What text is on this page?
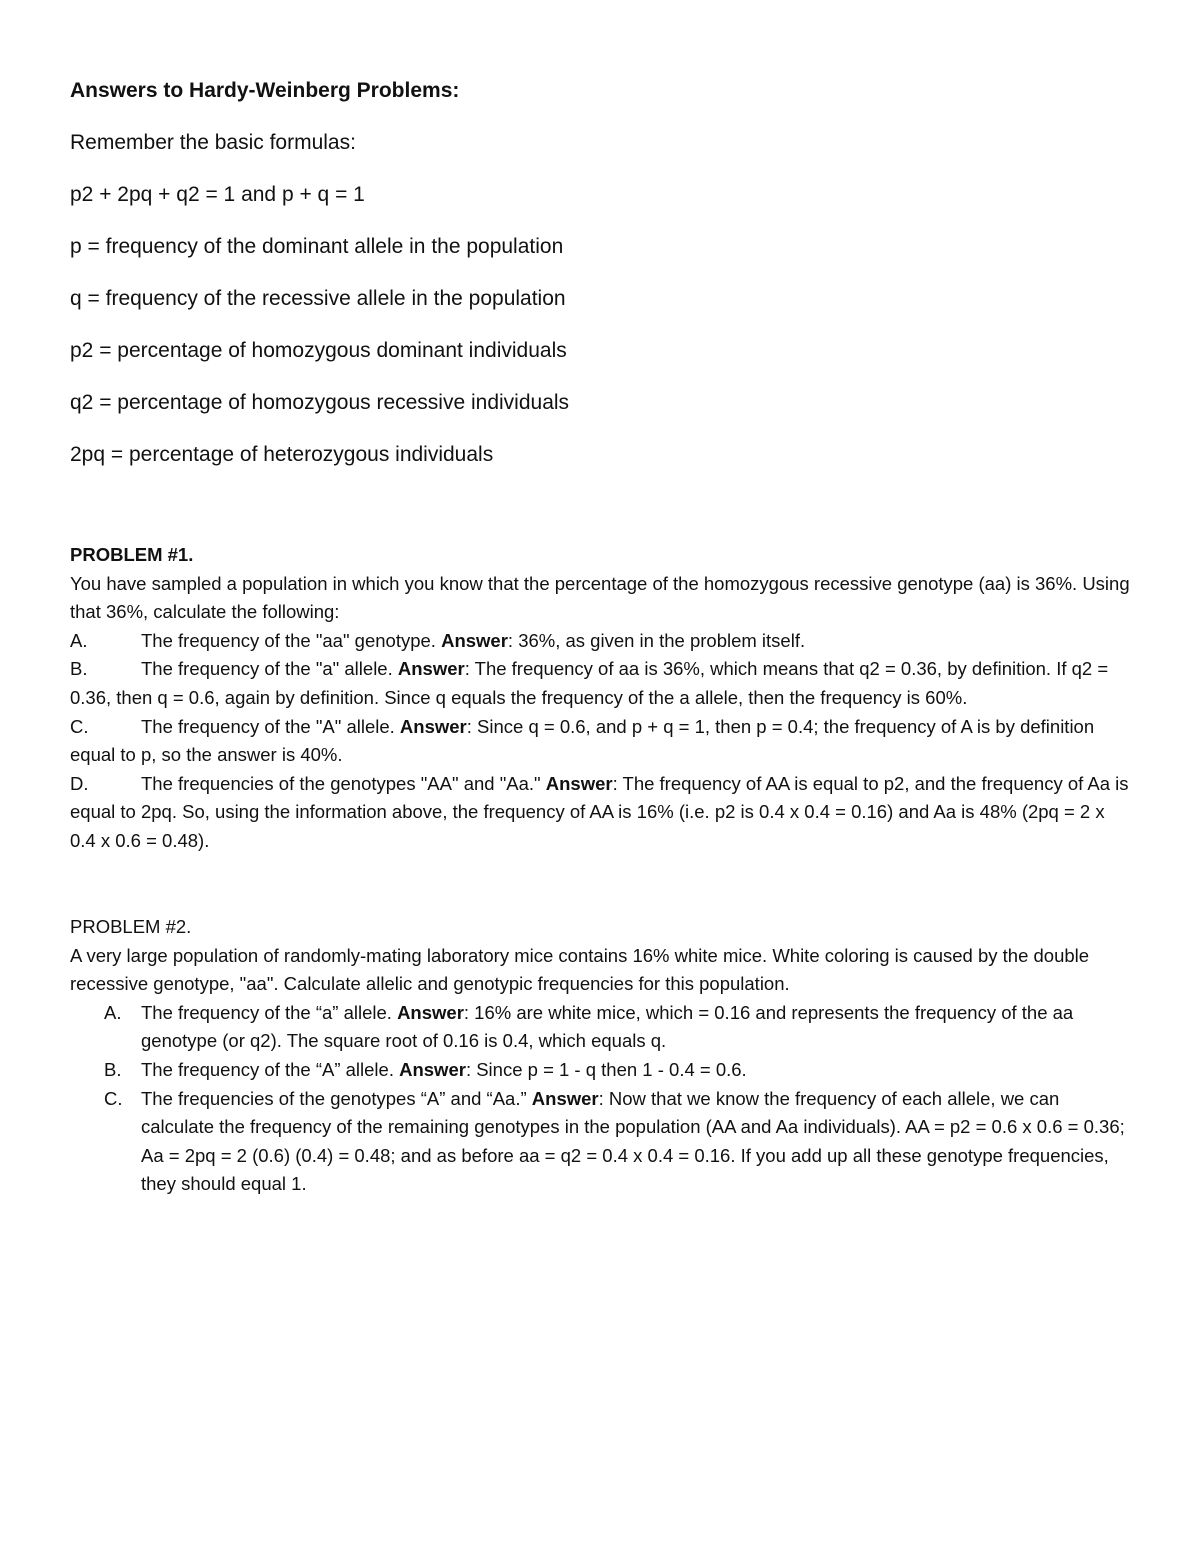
Answers to Hardy-Weinberg Problems:
Remember the basic formulas:
p2 + 2pq + q2 = 1 and p + q = 1
p = frequency of the dominant allele in the population
q = frequency of the recessive allele in the population
p2 = percentage of homozygous dominant individuals
q2 = percentage of homozygous recessive individuals
2pq = percentage of heterozygous individuals
PROBLEM #1.
You have sampled a population in which you know that the percentage of the homozygous recessive genotype (aa) is 36%. Using that 36%, calculate the following:
A.	The frequency of the "aa" genotype. Answer: 36%, as given in the problem itself.
B.	The frequency of the "a" allele. Answer: The frequency of aa is 36%, which means that q2 = 0.36, by definition. If q2 = 0.36, then q = 0.6, again by definition. Since q equals the frequency of the a allele, then the frequency is 60%.
C.	The frequency of the "A" allele. Answer: Since q = 0.6, and p + q = 1, then p = 0.4; the frequency of A is by definition equal to p, so the answer is 40%.
D.	The frequencies of the genotypes "AA" and "Aa." Answer: The frequency of AA is equal to p2, and the frequency of Aa is equal to 2pq. So, using the information above, the frequency of AA is 16% (i.e. p2 is 0.4 x 0.4 = 0.16) and Aa is 48% (2pq = 2 x 0.4 x 0.6 = 0.48).
PROBLEM #2.
A very large population of randomly-mating laboratory mice contains 16% white mice. White coloring is caused by the double recessive genotype, "aa". Calculate allelic and genotypic frequencies for this population.
A. The frequency of the “a” allele. Answer: 16% are white mice, which = 0.16 and represents the frequency of the aa genotype (or q2). The square root of 0.16 is 0.4, which equals q.
B. The frequency of the “A” allele. Answer: Since p = 1 - q then 1 - 0.4 = 0.6.
C. The frequencies of the genotypes “A” and “Aa.” Answer: Now that we know the frequency of each allele, we can calculate the frequency of the remaining genotypes in the population (AA and Aa individuals). AA = p2 = 0.6 x 0.6 = 0.36; Aa = 2pq = 2 (0.6) (0.4) = 0.48; and as before aa = q2 = 0.4 x 0.4 = 0.16. If you add up all these genotype frequencies, they should equal 1.
